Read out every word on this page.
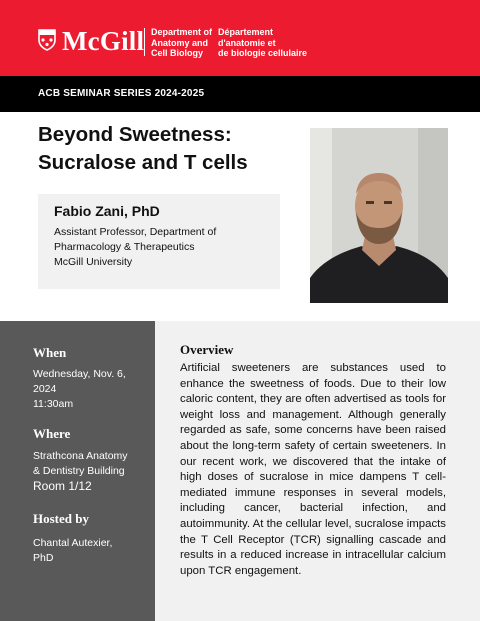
McGill Department of
Anatomy and
Cell Biology
Département
d'anatomie et
de biologie cellulaire
ACB SEMINAR SERIES 2024-2025
Beyond Sweetness:
Sucralose and T cells
Fabio Zani, PhD
Assistant Professor, Department of
Pharmacology & Therapeutics
McGill University
When
Wednesday, Nov. 6,
2024
11:30am
Where
Strathcona Anatomy
& Dentistry Building
Room 1/12
Hosted by
Chantal Autexier,
PhD
Overview

Artificial sweeteners are substances used to enhance the sweetness of foods. Due to their low caloric content, they are often advertised as tools for weight loss and management. Although generally regarded as safe, some concerns have been raised about the long-term safety of certain sweeteners. In our recent work, we discovered that the intake of high doses of sucralose in mice dampens T cell-mediated immune responses in several models, including cancer, bacterial infection, and autoimmunity. At the cellular level, sucralose impacts the T Cell Receptor (TCR) signalling cascade and results in a reduced increase in intracellular calcium upon TCR engagement.
